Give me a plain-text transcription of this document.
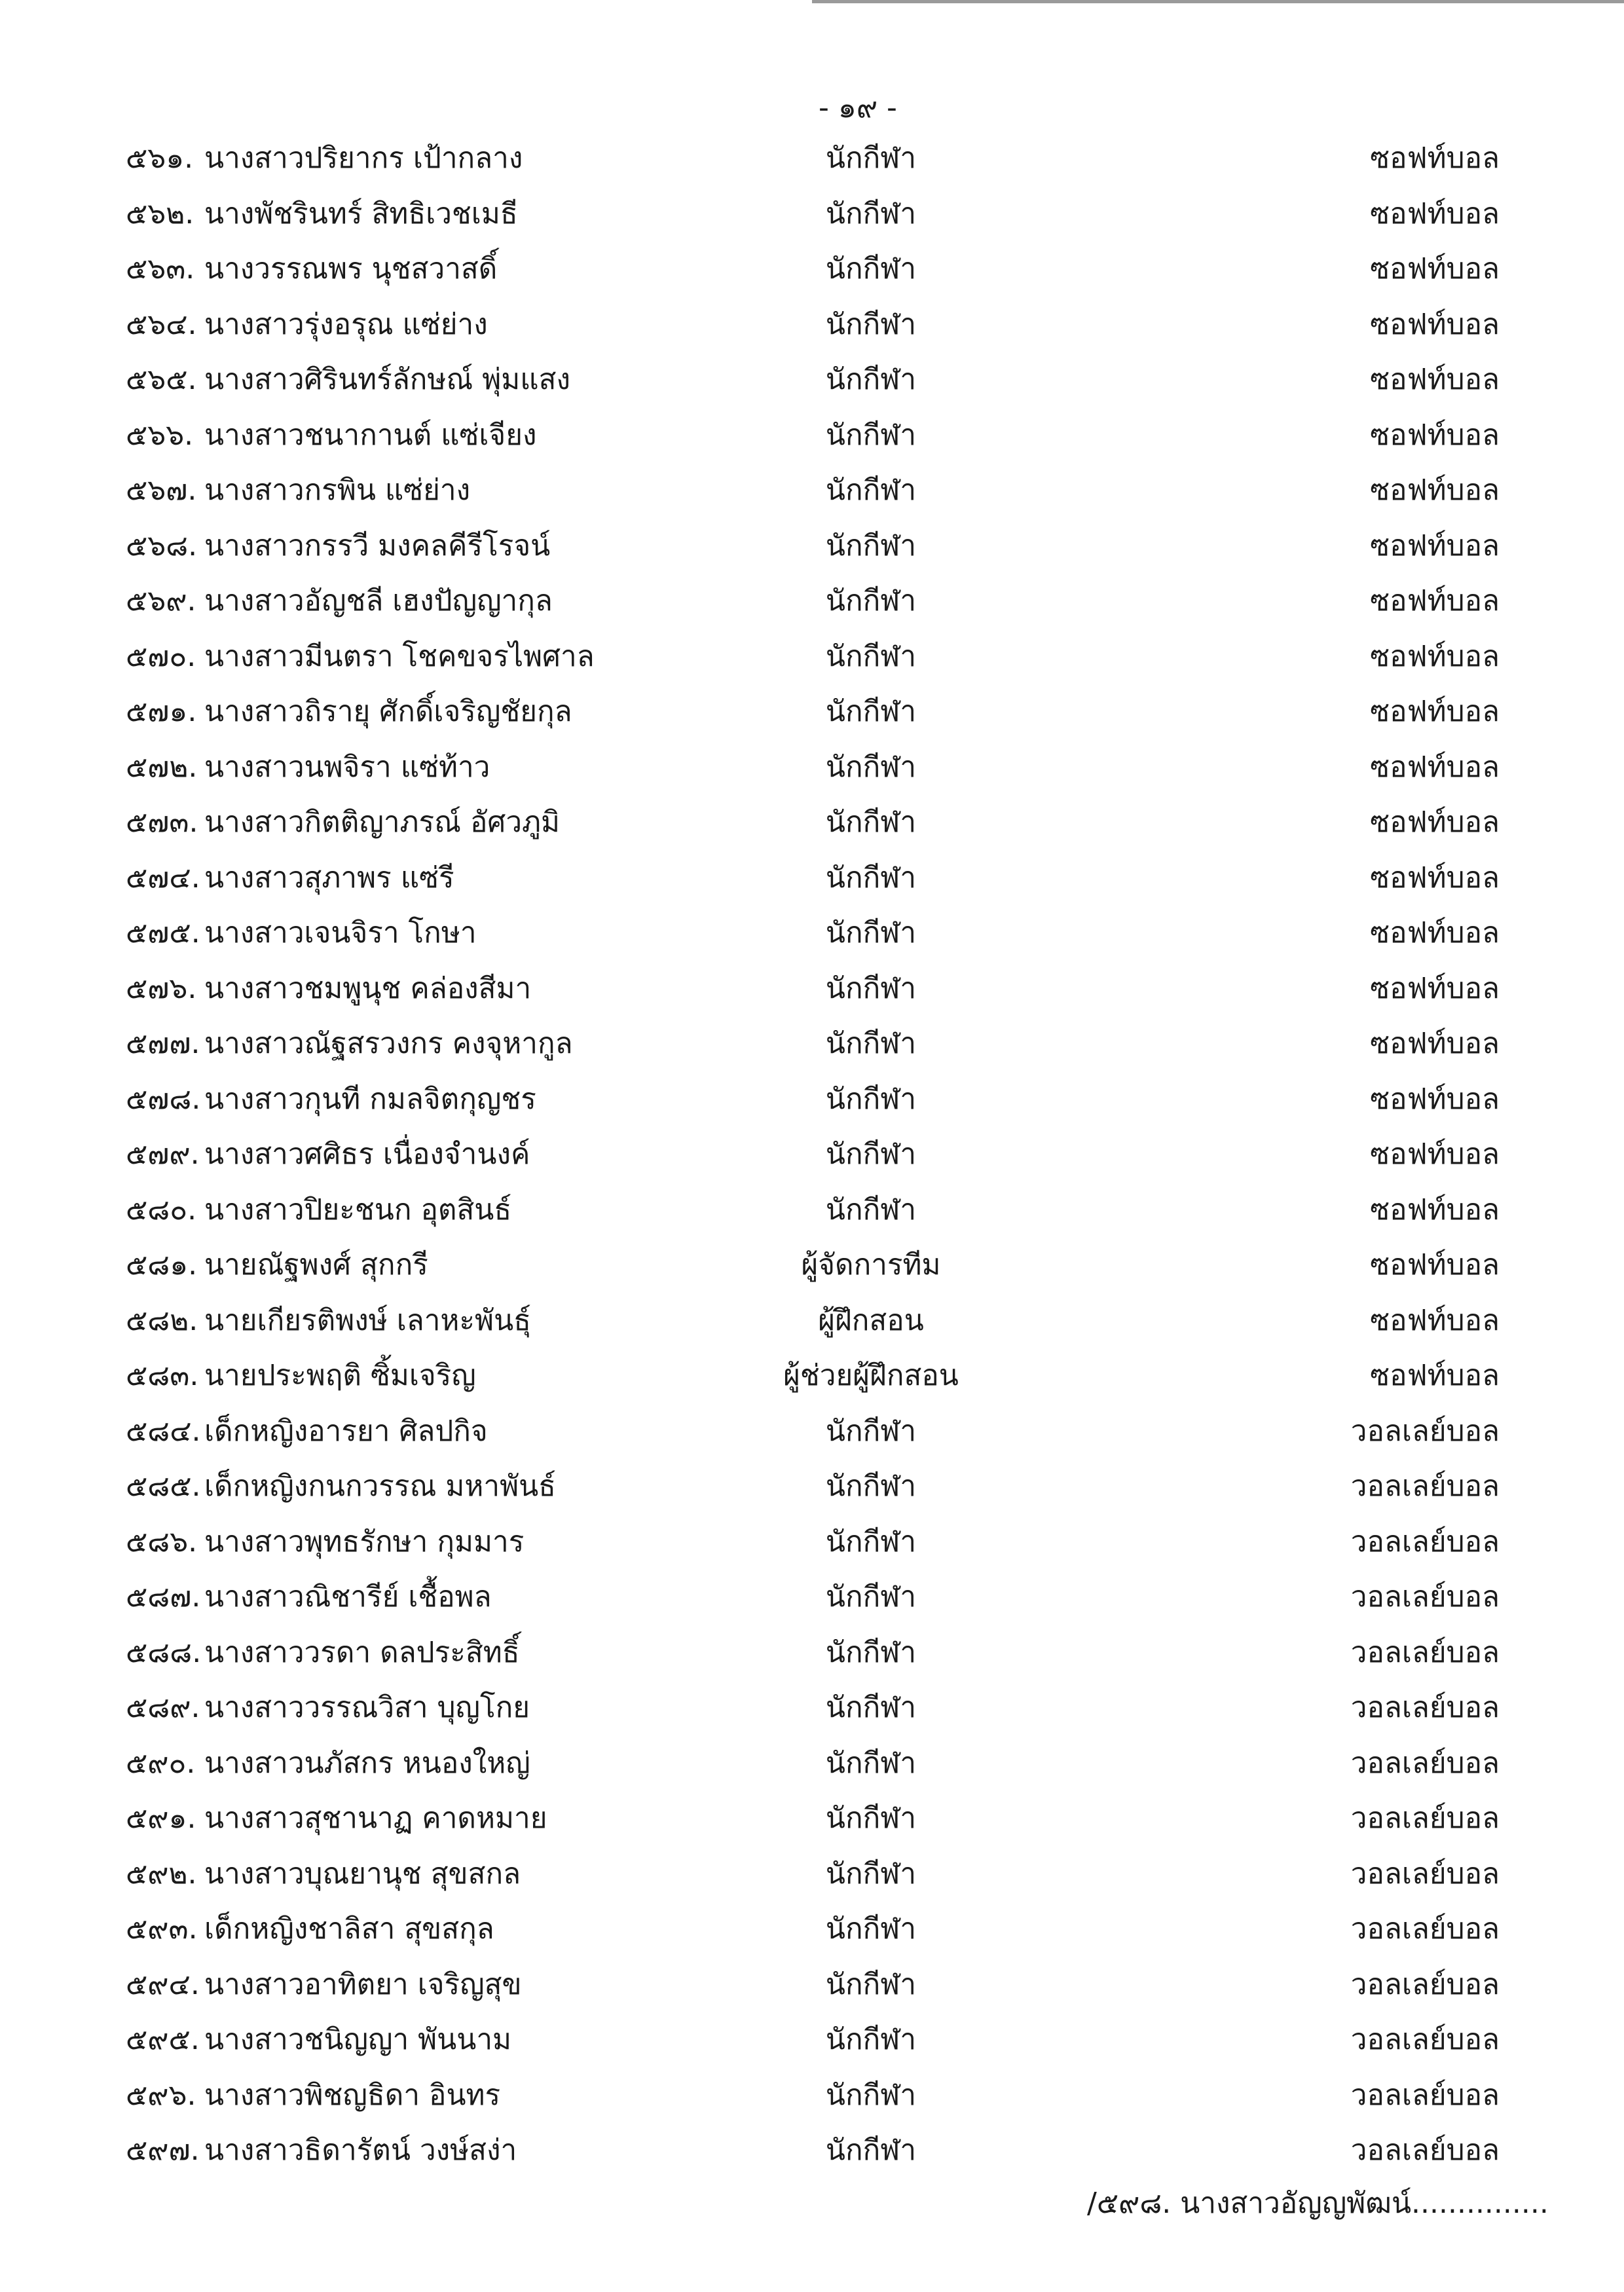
- ๑๙ -
๕๖๑. นางสาวปริยากร เป้ากลาง	นักกีฬา	ซอฟท์บอล
๕๖๒. นางพัชรินทร์ สิทธิเวชเมธี	นักกีฬา	ซอฟท์บอล
๕๖๓. นางวรรณพร นุชสวาสดิ์	นักกีฬา	ซอฟท์บอล
๕๖๔. นางสาวรุ่งอรุณ แซ่ย่าง	นักกีฬา	ซอฟท์บอล
๕๖๕. นางสาวศิรินทร์ลักษณ์ พุ่มแสง	นักกีฬา	ซอฟท์บอล
๕๖๖. นางสาวชนากานต์ แซ่เจียง	นักกีฬา	ซอฟท์บอล
๕๖๗. นางสาวกรพิน แซ่ย่าง	นักกีฬา	ซอฟท์บอล
๕๖๘. นางสาวกรรวี มงคลคีรีโรจน์	นักกีฬา	ซอฟท์บอล
๕๖๙. นางสาวอัญชลี เฮงปัญญากุล	นักกีฬา	ซอฟท์บอล
๕๗๐. นางสาวมีนตรา โชคขจรไพศาล	นักกีฬา	ซอฟท์บอล
๕๗๑. นางสาวถิรายุ ศักดิ์เจริญชัยกุล	นักกีฬา	ซอฟท์บอล
๕๗๒. นางสาวนพจิรา แซ่ท้าว	นักกีฬา	ซอฟท์บอล
๕๗๓. นางสาวกิตติญาภรณ์ อัศวภูมิ	นักกีฬา	ซอฟท์บอล
๕๗๔. นางสาวสุภาพร แซ่รี	นักกีฬา	ซอฟท์บอล
๕๗๕. นางสาวเจนจิรา โกษา	นักกีฬา	ซอฟท์บอล
๕๗๖. นางสาวชมพูนุช คล่องสีมา	นักกีฬา	ซอฟท์บอล
๕๗๗. นางสาวณัฐสรวงกร คงจุหากูล	นักกีฬา	ซอฟท์บอล
๕๗๘. นางสาวกุนที กมลจิตกุญชร	นักกีฬา	ซอฟท์บอล
๕๗๙. นางสาวศศิธร เนื่องจำนงค์	นักกีฬา	ซอฟท์บอล
๕๘๐. นางสาวปิยะชนก อุตสินธ์	นักกีฬา	ซอฟท์บอล
๕๘๑. นายณัฐพงศ์ สุกกรี	ผู้จัดการทีม	ซอฟท์บอล
๕๘๒. นายเกียรติพงษ์ เลาหะพันธุ์	ผู้ฝึกสอน	ซอฟท์บอล
๕๘๓. นายประพฤติ ซิ้มเจริญ	ผู้ช่วยผู้ฝึกสอน	ซอฟท์บอล
๕๘๔. เด็กหญิงอารยา ศิลปกิจ	นักกีฬา	วอลเลย์บอล
๕๘๕. เด็กหญิงกนกวรรณ มหาพันธ์	นักกีฬา	วอลเลย์บอล
๕๘๖. นางสาวพุทธรักษา กุมมาร	นักกีฬา	วอลเลย์บอล
๕๘๗. นางสาวณิชารีย์ เชื้อพล	นักกีฬา	วอลเลย์บอล
๕๘๘. นางสาววรดา ดลประสิทธิ์	นักกีฬา	วอลเลย์บอล
๕๘๙. นางสาววรรณวิสา บุญโกย	นักกีฬา	วอลเลย์บอล
๕๙๐. นางสาวนภัสกร หนองใหญ่	นักกีฬา	วอลเลย์บอล
๕๙๑. นางสาวสุชานาฏ คาดหมาย	นักกีฬา	วอลเลย์บอล
๕๙๒. นางสาวบุณยานุช สุขสกล	นักกีฬา	วอลเลย์บอล
๕๙๓. เด็กหญิงชาลิสา สุขสกุล	นักกีฬา	วอลเลย์บอล
๕๙๔. นางสาวอาทิตยา เจริญสุข	นักกีฬา	วอลเลย์บอล
๕๙๕. นางสาวชนิญญา พันนาม	นักกีฬา	วอลเลย์บอล
๕๙๖. นางสาวพิชญธิดา อินทร	นักกีฬา	วอลเลย์บอล
๕๙๗. นางสาวธิดารัตน์ วงษ์สง่า	นักกีฬา	วอลเลย์บอล
/๕๙๘. นางสาวอัญญพัฒน์...............
